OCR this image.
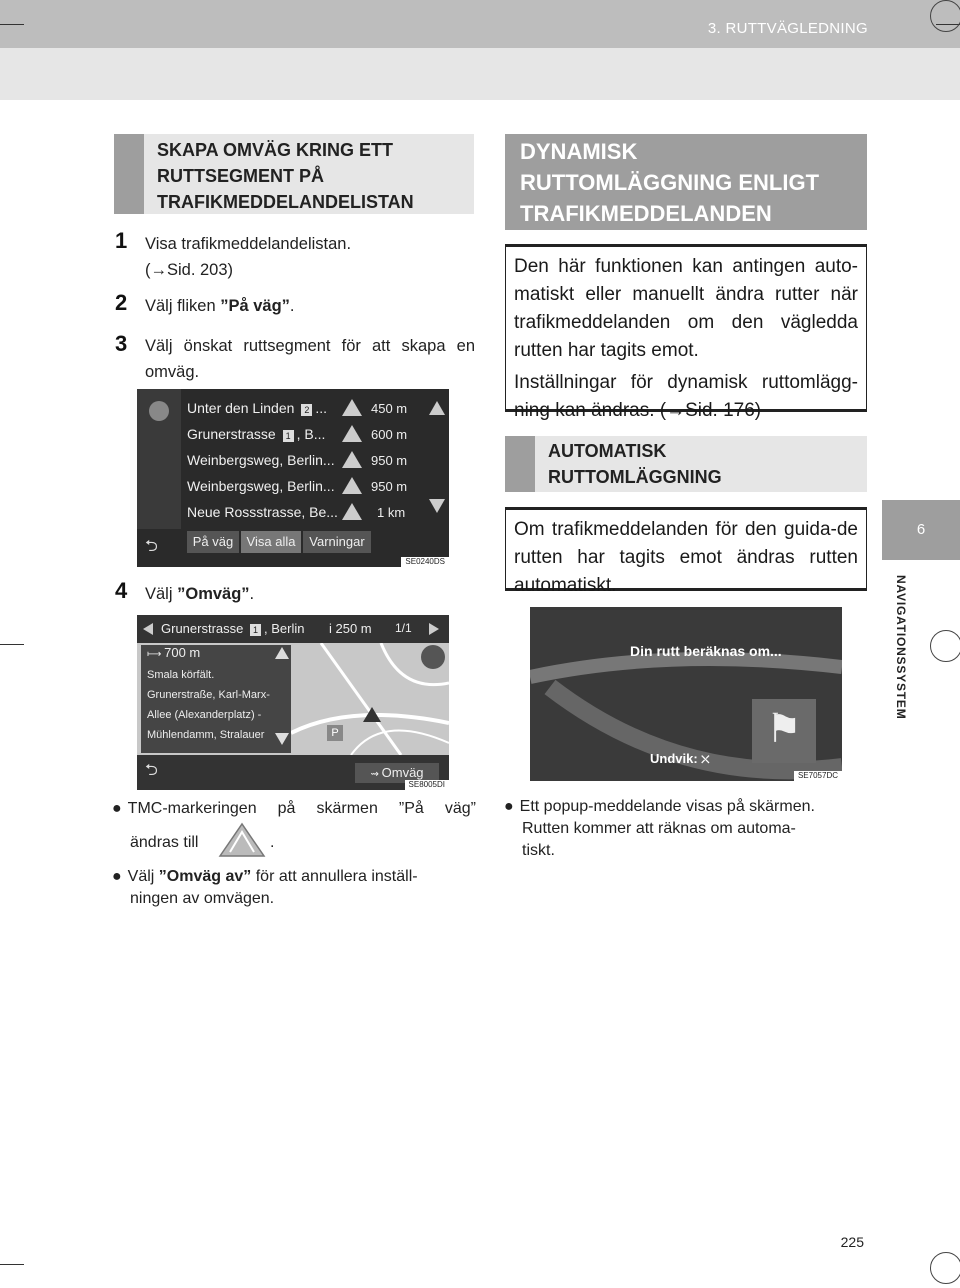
3. RUTTVÄGLEDNING
6
NAVIGATIONSSYSTEM
SKAPA OMVÄG KRING ETT
RUTTSEGMENT PÅ
TRAFIKMEDDELANDELISTAN
1 Visa trafikmeddelandelistan.
(→Sid. 203)
2 Välj fliken ”På väg”.
3 Välj önskat ruttsegment för att skapa en omväg.
Unter den Linden 2 ...	450 m
Grunerstrasse 1 , B...	600 m
Weinbergsweg, Berlin...	950 m
Weinbergsweg, Berlin...	950 m
Neue Rossstrasse, Be...	1 km
⮌	På väg	Visa alla	Varningar
SE0240DS
4 Välj ”Omväg”.
Grunerstrasse 1 , Berlin i 250 m 1/1
⟼ 700 m
Smala körfält.
Grunerstraße, Karl-Marx-
Allee (Alexanderplatz) -
Mühlendamm, Stralauer	P
⮌	⇝ Omväg
SE8005DI
● TMC-markeringen på skärmen ”På väg”
ändras till	.
● Välj ”Omväg av” för att annullera inställ-
ningen av omvägen.
DYNAMISK
RUTTOMLÄGGNING ENLIGT
TRAFIKMEDDELANDEN
Den här funktionen kan antingen auto-matiskt eller manuellt ändra rutter när trafikmeddelanden om den vägledda rutten har tagits emot.
Inställningar för dynamisk ruttomlägg-ning kan ändras. (→Sid. 176)
AUTOMATISK
RUTTOMLÄGGNING
Om trafikmeddelanden för den guida-de rutten har tagits emot ändras rutten automatiskt.
Din rutt beräknas om...
⚑
Undvik: ⛌
SE7057DC
● Ett popup-meddelande visas på skärmen.
Rutten kommer att räknas om automa-
tiskt.
225
